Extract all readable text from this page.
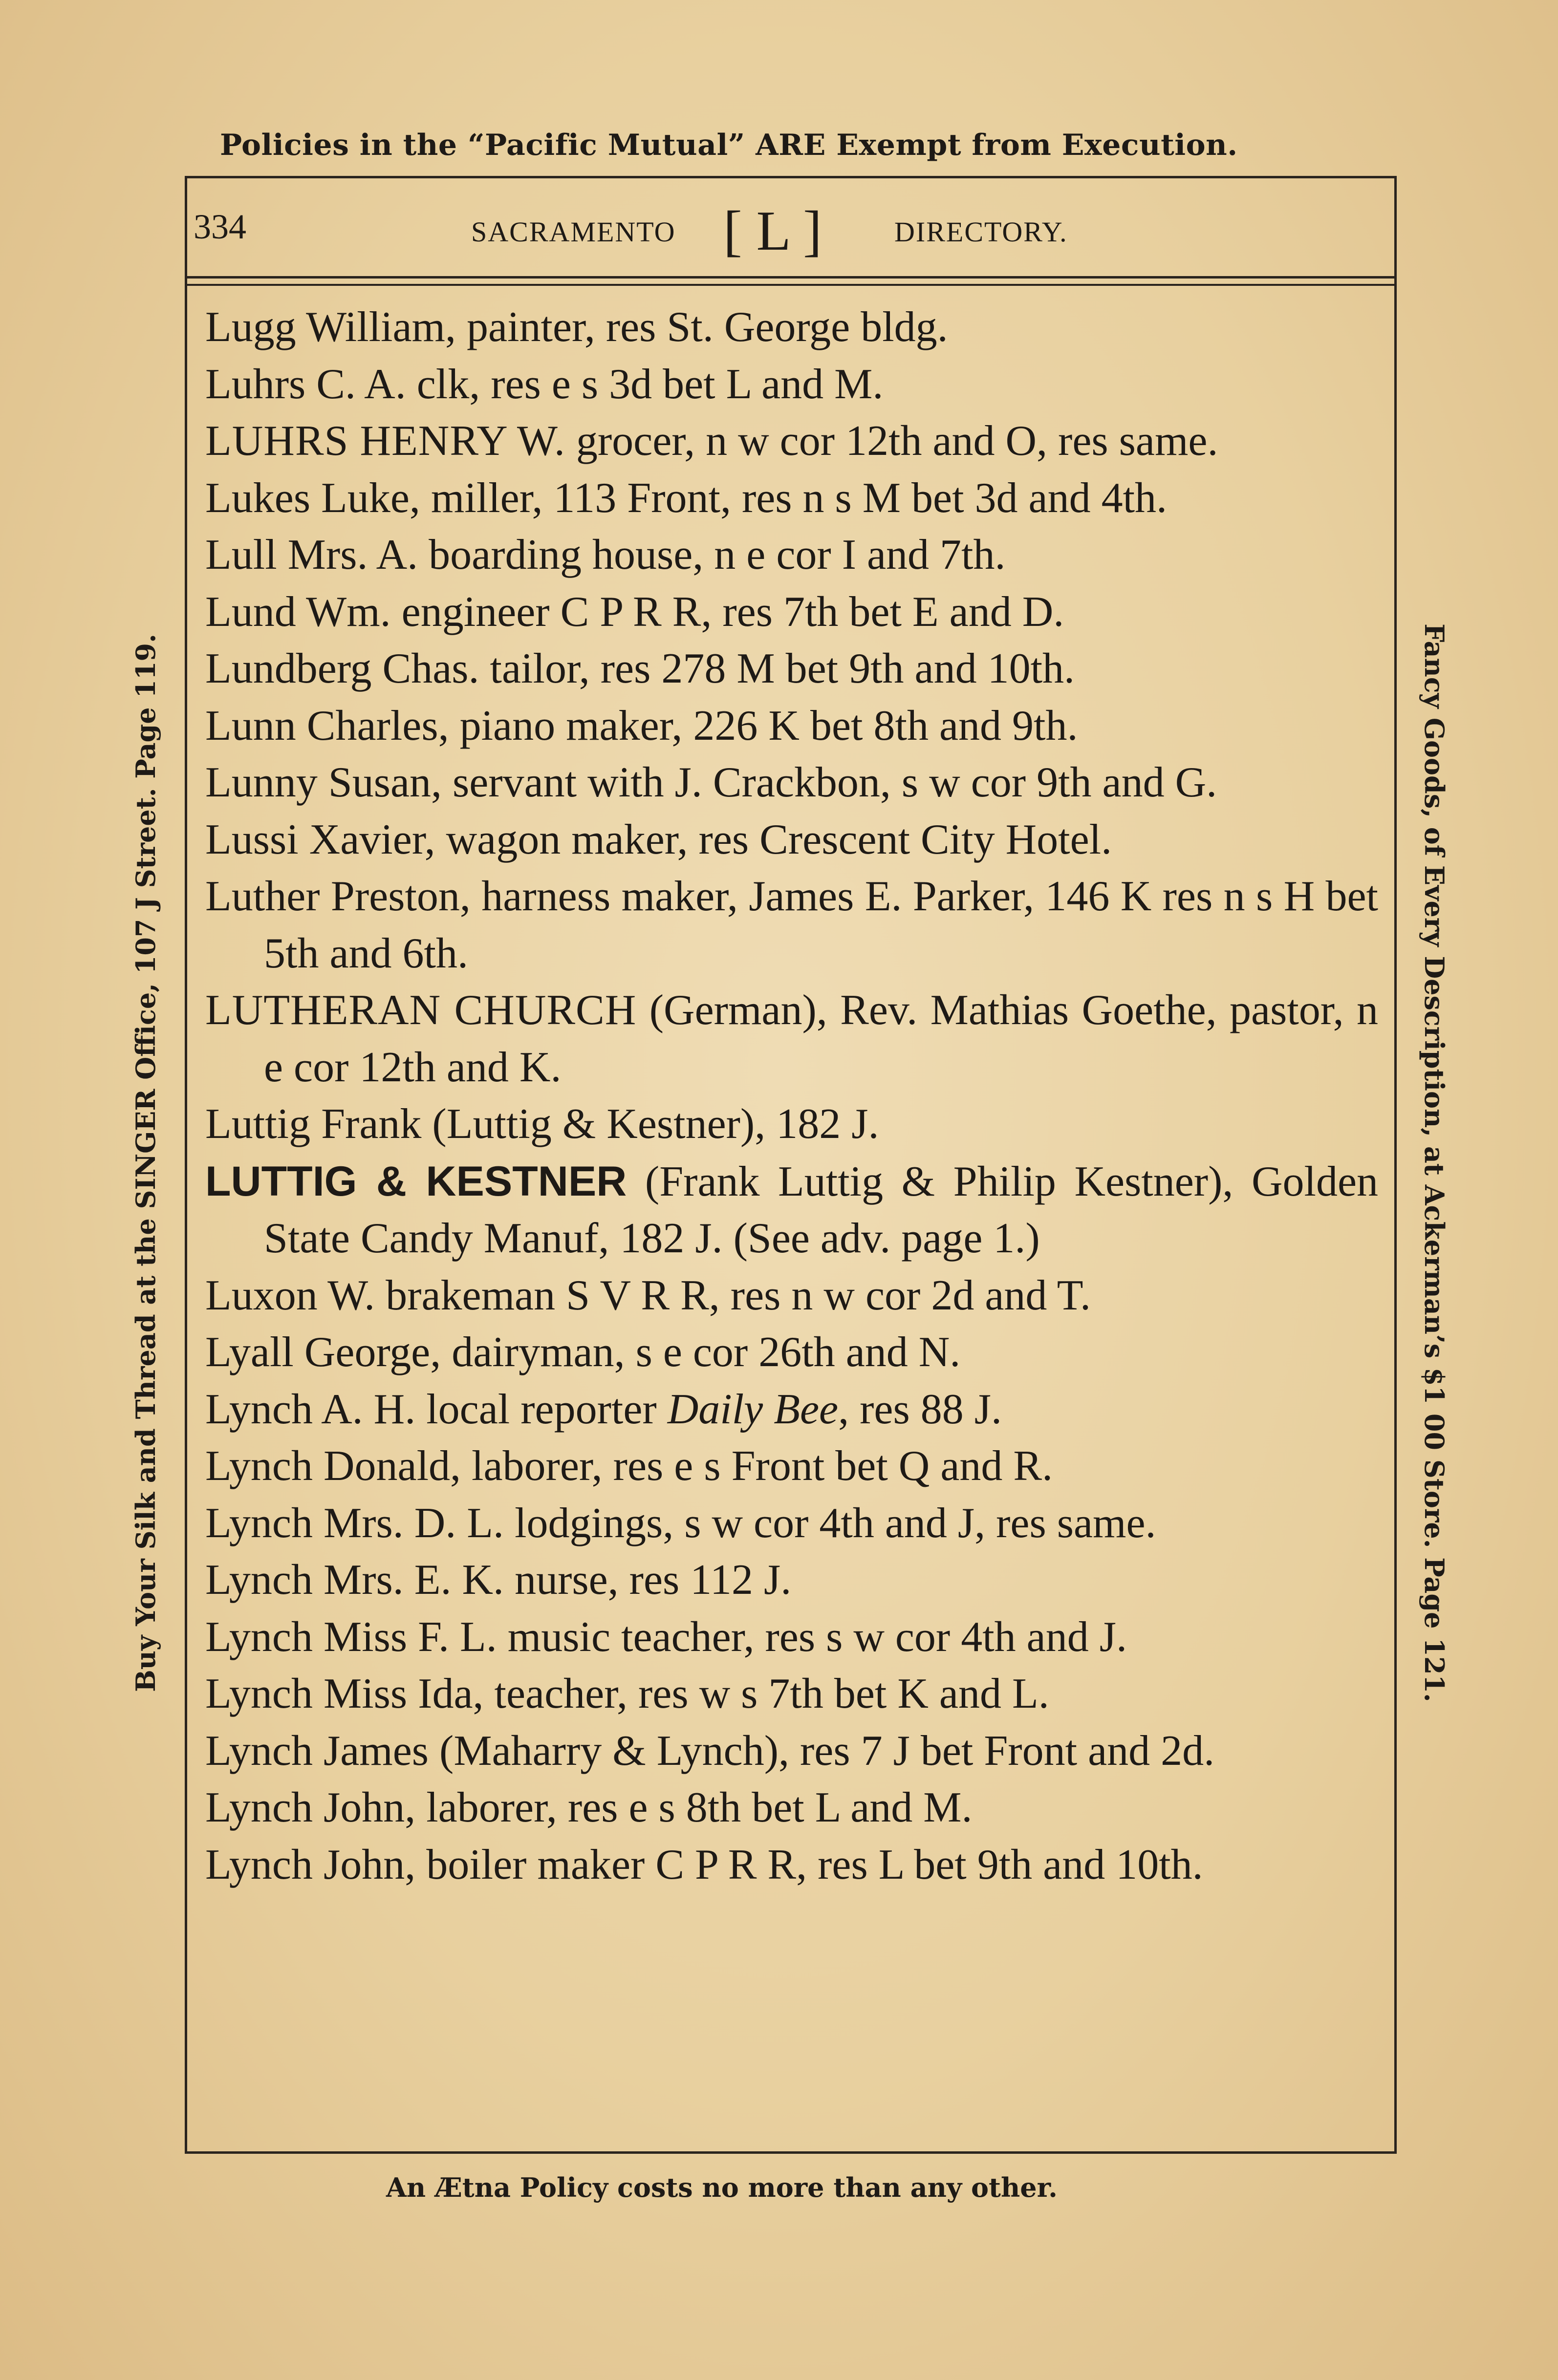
Policies in the “Pacific Mutual” ARE Exempt from Execution.
334	SACRAMENTO [ L ]	DIRECTORY.
Lugg William, painter, res St. George bldg.
Luhrs C. A. clk, res e s 3d bet L and M.
LUHRS HENRY W. grocer, n w cor 12th and O, res same.
Lukes Luke, miller, 113 Front, res n s M bet 3d and 4th.
Lull Mrs. A. boarding house, n e cor I and 7th.
Lund Wm. engineer C P R R, res 7th bet E and D.
Lundberg Chas. tailor, res 278 M bet 9th and 10th.
Lunn Charles, piano maker, 226 K bet 8th and 9th.
Lunny Susan, servant with J. Crackbon, s w cor 9th and G.
Lussi Xavier, wagon maker, res Crescent City Hotel.
Luther Preston, harness maker, James E. Parker, 146 K res n s H bet 5th and 6th.
LUTHERAN CHURCH (German), Rev. Mathias Goethe, pastor, n e cor 12th and K.
Luttig Frank (Luttig & Kestner), 182 J.
LUTTIG & KESTNER (Frank Luttig & Philip Kestner), Golden State Candy Manuf, 182 J. (See adv. page 1.)
Luxon W. brakeman S V R R, res n w cor 2d and T.
Lyall George, dairyman, s e cor 26th and N.
Lynch A. H. local reporter Daily Bee, res 88 J.
Lynch Donald, laborer, res e s Front bet Q and R.
Lynch Mrs. D. L. lodgings, s w cor 4th and J, res same.
Lynch Mrs. E. K. nurse, res 112 J.
Lynch Miss F. L. music teacher, res s w cor 4th and J.
Lynch Miss Ida, teacher, res w s 7th bet K and L.
Lynch James (Maharry & Lynch), res 7 J bet Front and 2d.
Lynch John, laborer, res e s 8th bet L and M.
Lynch John, boiler maker C P R R, res L bet 9th and 10th.
Buy Your Silk and Thread at the SINGER Office, 107 J Street. Page 119.	Fancy Goods, of Every Description, at Ackerman’s $1 00 Store. Page 121.
An Ætna Policy costs no more than any other.
